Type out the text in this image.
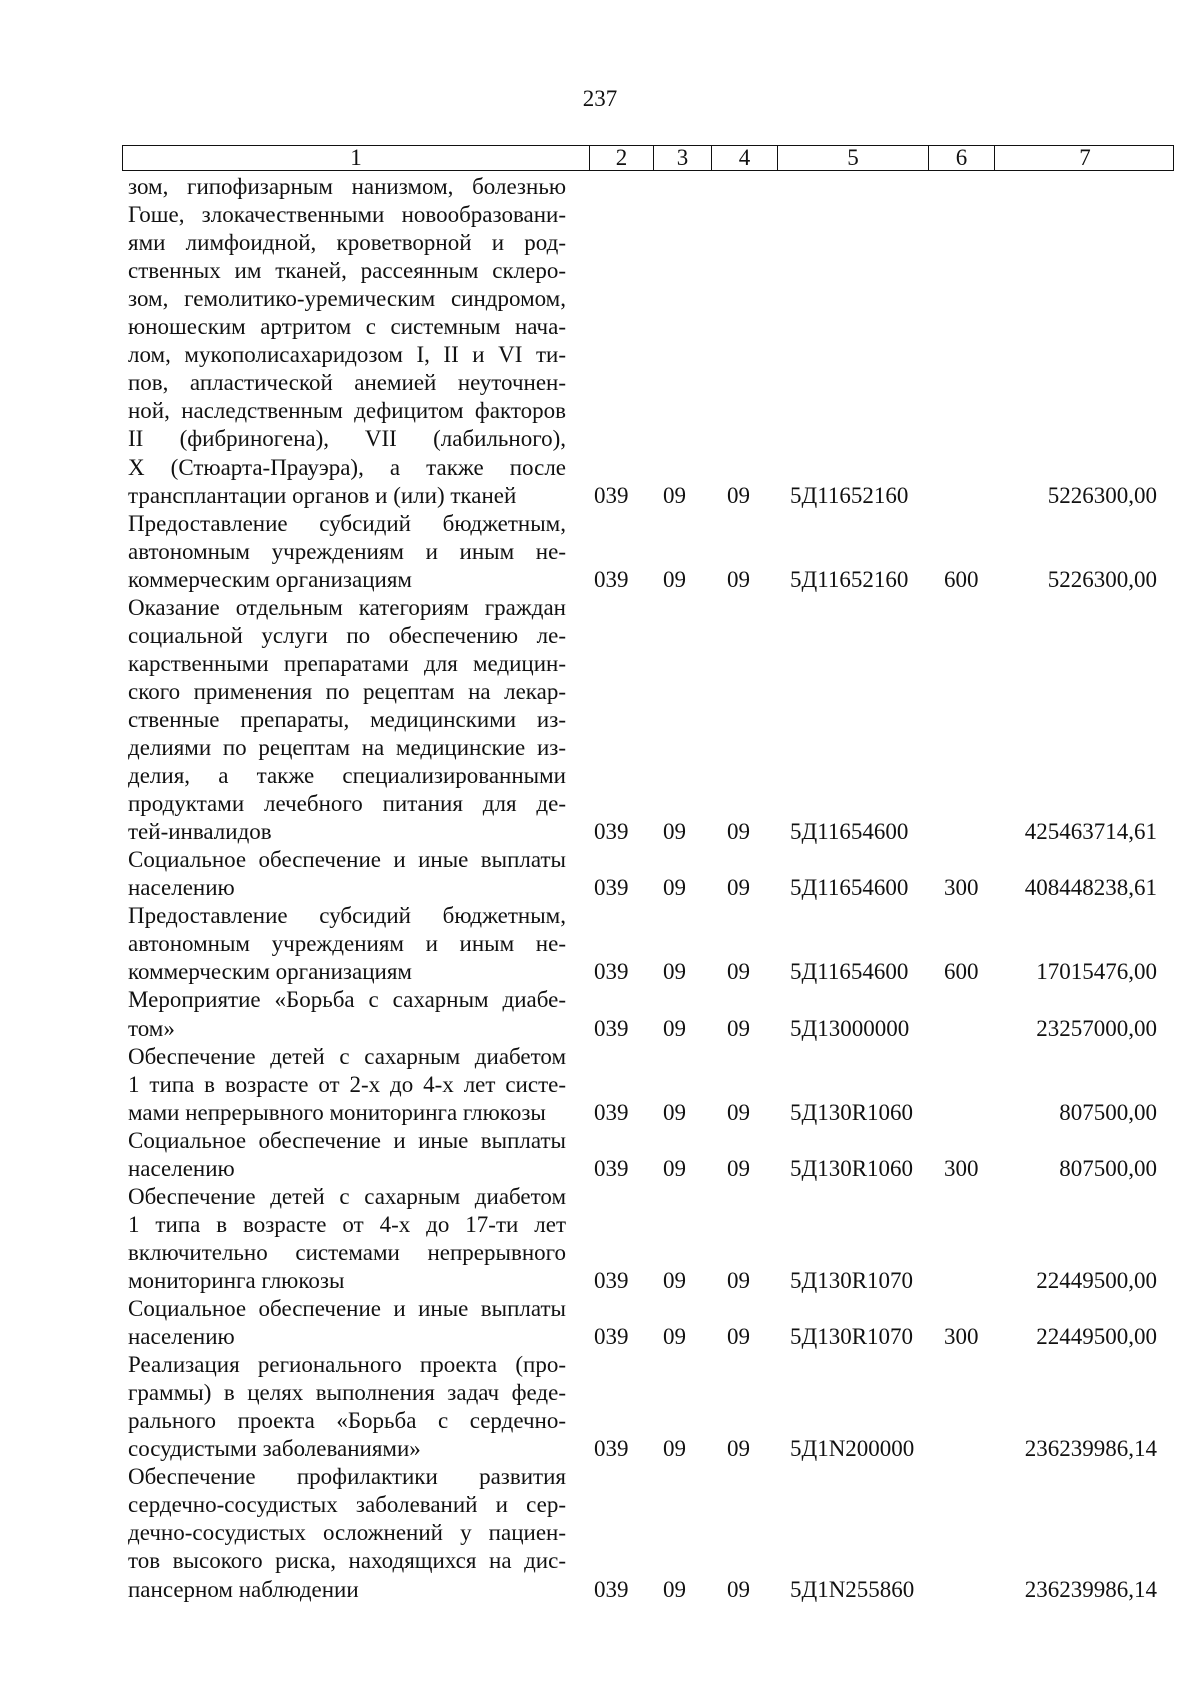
237
1	2	3	4	5	6	7
зом, гипофизарным нанизмом, болезнью
Гоше, злокачественными новообразовани-
ями лимфоидной, кроветворной и род-
ственных им тканей, рассеянным склеро-
зом, гемолитико-уремическим синдромом,
юношеским артритом с системным нача-
лом, мукополисахаридозом I, II и VI ти-
пов, апластической анемией неуточнен-
ной, наследственным дефицитом факторов
II (фибриногена), VII (лабильного),
X (Стюарта-Прауэра), а также после
трансплантации органов и (или) тканей	039 09 09 5Д11652160	5226300,00
Предоставление субсидий бюджетным,
автономным учреждениям и иным не-
коммерческим организациям	039 09 09 5Д11652160 600	5226300,00
Оказание отдельным категориям граждан
социальной услуги по обеспечению ле-
карственными препаратами для медицин-
ского применения по рецептам на лекар-
ственные препараты, медицинскими из-
делиями по рецептам на медицинские из-
делия, а также специализированными
продуктами лечебного питания для де-
тей-инвалидов	039 09 09 5Д11654600	425463714,61
Социальное обеспечение и иные выплаты
населению	039 09 09 5Д11654600 300 408448238,61
Предоставление субсидий бюджетным,
автономным учреждениям и иным не-
коммерческим организациям	039 09 09 5Д11654600 600	17015476,00
Мероприятие «Борьба с сахарным диабе-
том»	039 09 09 5Д13000000	23257000,00
Обеспечение детей с сахарным диабетом
1 типа в возрасте от 2-х до 4-х лет систе-
мами непрерывного мониторинга глюкозы	039 09 09 5Д130R1060	807500,00
Социальное обеспечение и иные выплаты
населению	039 09 09 5Д130R1060 300	807500,00
Обеспечение детей с сахарным диабетом
1 типа в возрасте от 4-х до 17-ти лет
включительно системами непрерывного
мониторинга глюкозы	039 09 09 5Д130R1070	22449500,00
Социальное обеспечение и иные выплаты
населению	039 09 09 5Д130R1070 300	22449500,00
Реализация регионального проекта (про-
граммы) в целях выполнения задач феде-
рального проекта «Борьба с сердечно-
сосудистыми заболеваниями»	039 09 09 5Д1N200000	236239986,14
Обеспечение профилактики развития
сердечно-сосудистых заболеваний и сер-
дечно-сосудистых осложнений у пациен-
тов высокого риска, находящихся на дис-
пансерном наблюдении	039 09 09 5Д1N255860	236239986,14
